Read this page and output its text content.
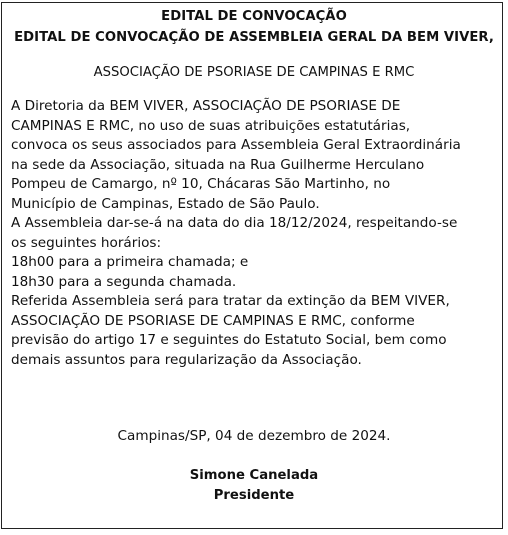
EDITAL DE CONVOCAÇÃO
EDITAL DE CONVOCAÇÃO DE ASSEMBLEIA GERAL DA BEM VIVER,
ASSOCIAÇÃO DE PSORIASE DE CAMPINAS E RMC
A Diretoria da BEM VIVER, ASSOCIAÇÃO DE PSORIASE DE
CAMPINAS E RMC, no uso de suas atribuições estatutárias,
convoca os seus associados para Assembleia Geral Extraordinária
na sede da Associação, situada na Rua Guilherme Herculano
Pompeu de Camargo, nº 10, Chácaras São Martinho, no
Município de Campinas, Estado de São Paulo.
A Assembleia dar-se-á na data do dia 18/12/2024, respeitando-se
os seguintes horários:
18h00 para a primeira chamada; e
18h30 para a segunda chamada.
Referida Assembleia será para tratar da extinção da BEM VIVER,
ASSOCIAÇÃO DE PSORIASE DE CAMPINAS E RMC, conforme
previsão do artigo 17 e seguintes do Estatuto Social, bem como
demais assuntos para regularização da Associação.
Campinas/SP, 04 de dezembro de 2024.
Simone Canelada
Presidente
